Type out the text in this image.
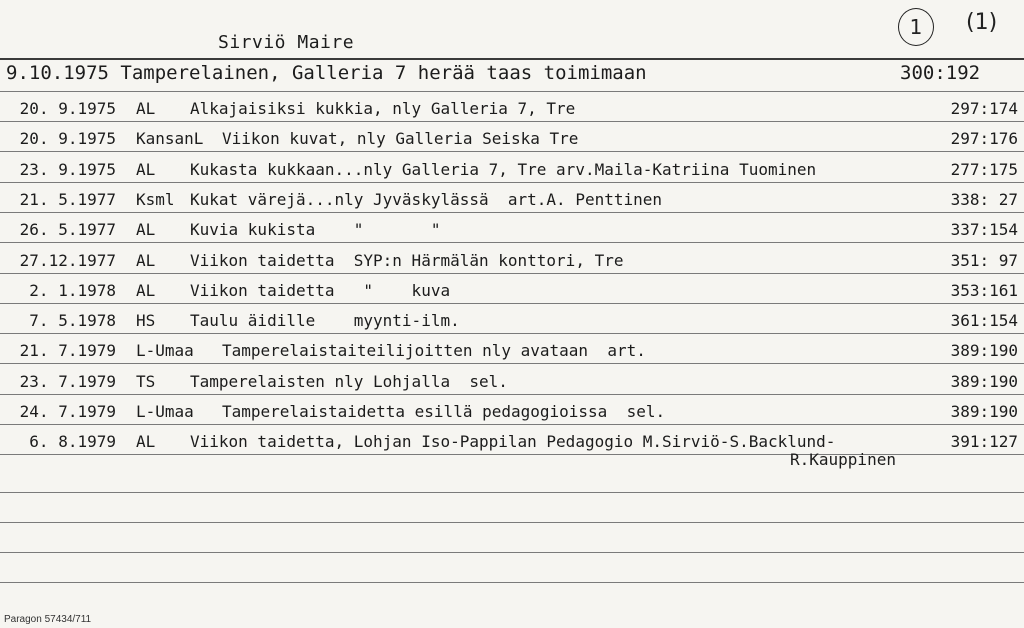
Sirviö Maire
1 (1)
9.10.1975 Tamperelainen, Galleria 7 herää taas toimimaan	300:192
20. 9.1975 AL Alkajaisiksi kukkia, nly Galleria 7, Tre	297:174
20. 9.1975 KansanL Viikon kuvat, nly Galleria Seiska Tre	297:176
23. 9.1975 AL Kukasta kukkaan...nly Galleria 7, Tre arv.Maila-Katriina Tuominen	277:175
21. 5.1977 Ksml Kukat värejä...nly Jyväskylässä  art.A. Penttinen	338: 27
26. 5.1977 AL Kuvia kukista    "       "	337:154
27.12.1977 AL Viikon taidetta  SYP:n Härmälän konttori, Tre	351: 97
2. 1.1978 AL Viikon taidetta   "    kuva	353:161
7. 5.1978 HS Taulu äidille    myynti-ilm.	361:154
21. 7.1979 L-Umaa Tamperelaistaiteilijoitten nly avataan  art.	389:190
23. 7.1979 TS Tamperelaisten nly Lohjalla  sel.	389:190
24. 7.1979 L-Umaa Tamperelaistaidetta esillä pedagogioissa  sel.	389:190
6. 8.1979 AL Viikon taidetta, Lohjan Iso-Pappilan Pedagogio M.Sirviö-S.Backlund-	391:127
R.Kauppinen
Paragon 57434/711
